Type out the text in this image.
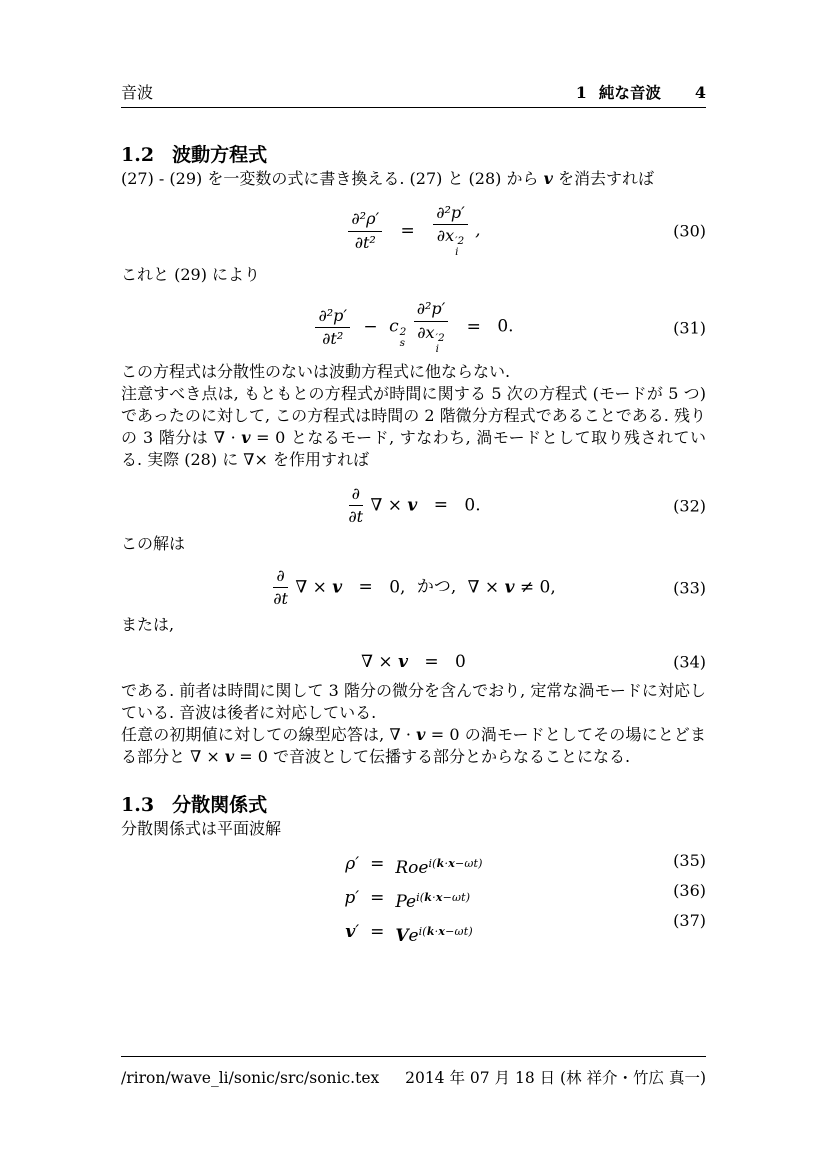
音波	1 純な音波 4
1.2 波動方程式

(27) - (29) を一変数の式に書き換える. (27) と (28) から v を消去すれば

$\frac{\text{∂²ρ′}}{\text{∂t²}} = \partial^2p'$
∂x ′2
i ,	(30)

これと (29) により

$\frac{\text{∂²p′}}{\text{∂t²}} - c$ 2
s
∂²p′
∂x ′2
i = 0.	(31)

この方程式は分散性のないは波動方程式に他ならない.

注意すべき点は, もともとの方程式が時間に関する 5 次の方程式 (モードが 5 つ) であったのに対して, この方程式は時間の 2 階微分方程式であることである. 残りの 3 階分は ∇ · v = 0 となるモード, すなわち, 渦モードとして取り残されている. 実際 (28) に ∇× を作用すれば

$\frac{\partial}{\partial t}$ ∇ × v = 0.	(32)

この解は

$\frac{\partial}{\partial t}$ ∇ × v = 0, かつ, ∇ × v ≠ 0,	(33)

または,

∇ × v = 0	(34)

である. 前者は時間に関して 3 階分の微分を含んでおり, 定常な渦モードに対応している. 音波は後者に対応している.

任意の初期値に対しての線型応答は, ∇ · v = 0 の渦モードとしてその場にとどまる部分と ∇ × v = 0 で音波として伝播する部分とからなることになる.

1.3 分散関係式

分散関係式は平面波解

ρ′ = Roe$^{i(k\cdot x-\omega t)}$
$p' = Pe^{i(k\cdot x-\omega t)}$
$v' = Ve^{i(k\cdot x-\omega t)}$
(35)
(36)
(37)
/riron/wave_li/sonic/src/sonic.tex 2014 年 07 月 18 日 (林 祥介・竹広 真一)
